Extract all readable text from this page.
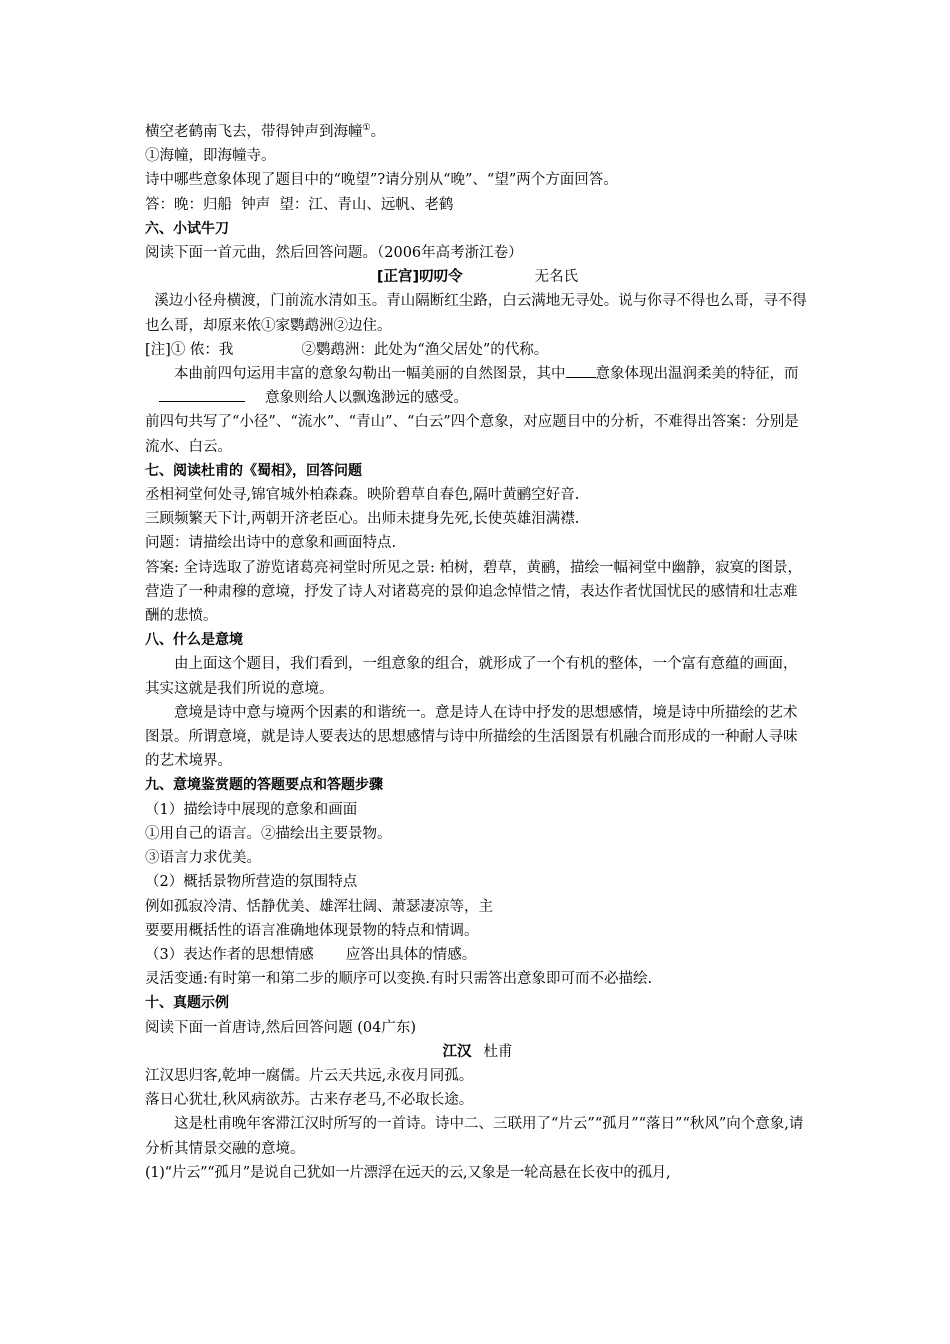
横空老鹤南飞去，带得钟声到海幢①。

①海幢，即海幢寺。

诗中哪些意象体现了题目中的“晚望”?请分别从“晚”、“望”两个方面回答。

答：晚：归船  钟声  望：江、青山、远帆、老鹤

六、小试牛刀

阅读下面一首元曲，然后回答问题。（2006年高考浙江卷）

[正宫]叨叨令	无名氏

溪边小径舟横渡，门前流水清如玉。青山隔断红尘路，白云满地无寻处。说与你寻不得也么哥，寻不得也么哥，却原来侬①家鹦鹉洲②边住。

[注]① 侬：我	②鹦鹉洲：此处为“渔父居处”的代称。

本曲前四句运用丰富的意象勾勒出一幅美丽的自然图景，其中 意象体现出温润柔美的特征，而意象则给人以飘逸渺远的感受。

前四句共写了“小径”、“流水”、“青山”、“白云”四个意象，对应题目中的分析，不难得出答案：分别是流水、白云。

七、阅读杜甫的《蜀相》，回答问题

丞相祠堂何处寻,锦官城外柏森森。映阶碧草自春色,隔叶黄鹂空好音.

三顾频繁天下计,两朝开济老臣心。出师未捷身先死,长使英雄泪满襟.

问题：请描绘出诗中的意象和画面特点.

答案: 全诗选取了游览诸葛亮祠堂时所见之景: 柏树，碧草，黄鹂，描绘一幅祠堂中幽静，寂寞的图景，营造了一种肃穆的意境，抒发了诗人对诸葛亮的景仰追念悼惜之情，表达作者忧国忧民的感情和壮志难酬的悲愤。

八、什么是意境

由上面这个题目，我们看到，一组意象的组合，就形成了一个有机的整体，一个富有意蕴的画面，其实这就是我们所说的意境。

意境是诗中意与境两个因素的和谐统一。意是诗人在诗中抒发的思想感情，境是诗中所描绘的艺术图景。所谓意境，就是诗人要表达的思想感情与诗中所描绘的生活图景有机融合而形成的一种耐人寻味的艺术境界。

九、意境鉴赏题的答题要点和答题步骤

（1）描绘诗中展现的意象和画面

①用自己的语言。②描绘出主要景物。

③语言力求优美。

（2）概括景物所营造的氛围特点

例如孤寂冷清、恬静优美、雄浑壮阔、萧瑟凄凉等，主

要要用概括性的语言准确地体现景物的特点和情调。

（3）表达作者的思想情感 应答出具体的情感。

灵活变通:有时第一和第二步的顺序可以变换.有时只需答出意象即可而不必描绘.

十、真题示例

阅读下面一首唐诗,然后回答问题 (04广东)

江汉 杜甫

江汉思归客,乾坤一腐儒。片云天共远,永夜月同孤。

落日心犹壮,秋风病欲苏。古来存老马,不必取长途。

这是杜甫晚年客滞江汉时所写的一首诗。诗中二、三联用了“片云”“孤月”“落日”“秋风”向个意象,请分析其情景交融的意境。

(1)“片云”“孤月”是说自己犹如一片漂浮在远天的云,又象是一轮高悬在长夜中的孤月,
